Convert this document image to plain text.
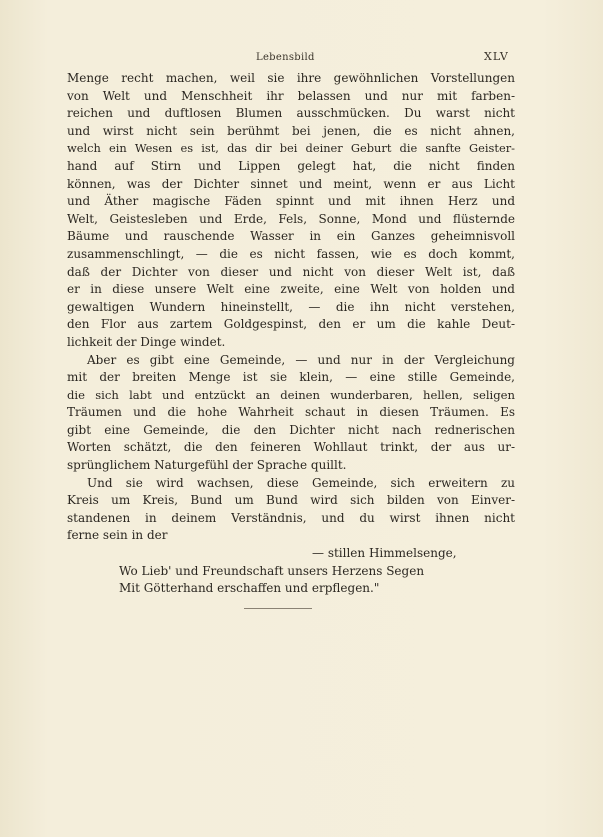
Lebensbild	XLV
Menge recht machen, weil sie ihre gewöhnlichen Vorstellungen
von Welt und Menschheit ihr belassen und nur mit farben-
reichen und duftlosen Blumen ausschmücken. Du warst nicht
und wirst nicht sein berühmt bei jenen, die es nicht ahnen,
welch ein Wesen es ist, das dir bei deiner Geburt die sanfte Geister-
hand auf Stirn und Lippen gelegt hat, die nicht finden
können, was der Dichter sinnet und meint, wenn er aus Licht
und Äther magische Fäden spinnt und mit ihnen Herz und
Welt, Geistesleben und Erde, Fels, Sonne, Mond und flüsternde
Bäume und rauschende Wasser in ein Ganzes geheimnisvoll
zusammenschlingt, — die es nicht fassen, wie es doch kommt,
daß der Dichter von dieser und nicht von dieser Welt ist, daß
er in diese unsere Welt eine zweite, eine Welt von holden und
gewaltigen Wundern hineinstellt, — die ihn nicht verstehen,
den Flor aus zartem Goldgespinst, den er um die kahle Deut-
lichkeit der Dinge windet.
Aber es gibt eine Gemeinde, — und nur in der Vergleichung
mit der breiten Menge ist sie klein, — eine stille Gemeinde,
die sich labt und entzückt an deinen wunderbaren, hellen, seligen
Träumen und die hohe Wahrheit schaut in diesen Träumen. Es
gibt eine Gemeinde, die den Dichter nicht nach rednerischen
Worten schätzt, die den feineren Wohllaut trinkt, der aus ur-
sprünglichem Naturgefühl der Sprache quillt.
Und sie wird wachsen, diese Gemeinde, sich erweitern zu
Kreis um Kreis, Bund um Bund wird sich bilden von Einver-
standenen in deinem Verständnis, und du wirst ihnen nicht
ferne sein in der
— stillen Himmelsenge,
Wo Lieb' und Freundschaft unsers Herzens Segen
Mit Götterhand erschaffen und erpflegen."
